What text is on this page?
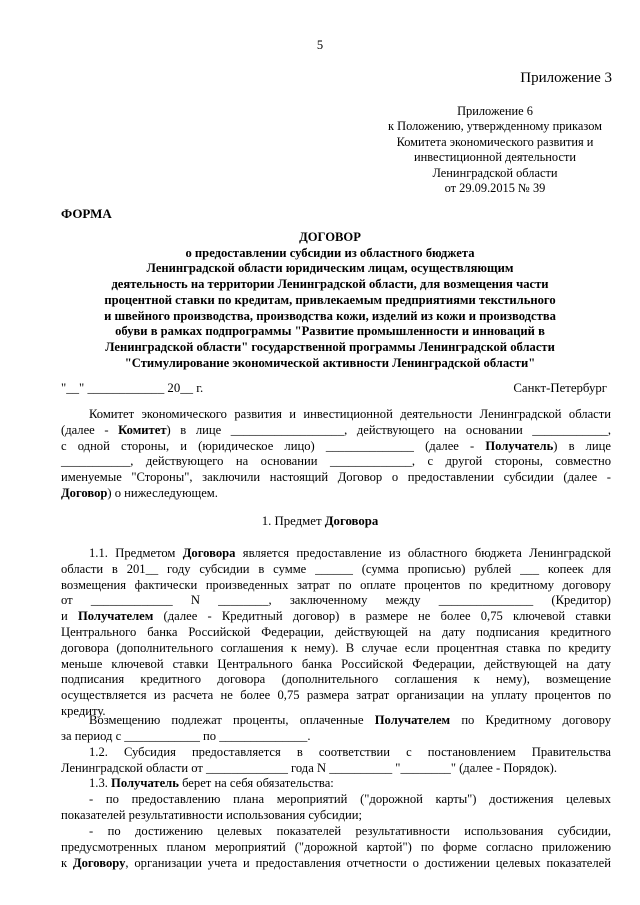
5
Приложение 3
Приложение 6
к Положению, утвержденному приказом
Комитета экономического развития и
инвестиционной деятельности
Ленинградской области
от 29.09.2015 № 39
ФОРМА
ДОГОВОР
о предоставлении субсидии из областного бюджета
Ленинградской области юридическим лицам, осуществляющим
деятельность на территории Ленинградской области, для возмещения части
процентной ставки по кредитам, привлекаемым предприятиями текстильного
и швейного производства, производства кожи, изделий из кожи и производства
обуви в рамках подпрограммы "Развитие промышленности и инноваций в
Ленинградской области" государственной программы Ленинградской области
"Стимулирование экономической активности Ленинградской области"
"__" ____________ 20__ г.	Санкт-Петербург
Комитет экономического развития и инвестиционной деятельности Ленинградской области
(далее - Комитет) в лице __________________, действующего на основании ____________,
с одной стороны, и (юридическое лицо) ______________ (далее - Получатель) в лице
___________, действующего на основании _____________, с другой стороны, совместно
именуемые "Стороны", заключили настоящий Договор о предоставлении субсидии (далее -
Договор) о нижеследующем.
1. Предмет Договора
1.1. Предметом Договора является предоставление из областного бюджета Ленинградской
области в 201__ году субсидии в сумме ______ (сумма прописью) рублей ___ копеек для
возмещения фактически произведенных затрат по оплате процентов по кредитному договору
от _____________ N ________, заключенному между _______________ (Кредитор)
и Получателем (далее - Кредитный договор) в размере не более 0,75 ключевой ставки
Центрального банка Российской Федерации, действующей на дату подписания кредитного
договора (дополнительного соглашения к нему). В случае если процентная ставка по кредиту
меньше ключевой ставки Центрального банка Российской Федерации, действующей на дату
подписания кредитного договора (дополнительного соглашения к нему), возмещение
осуществляется из расчета не более 0,75 размера затрат организации на уплату процентов по
кредиту.
Возмещению подлежат проценты, оплаченные Получателем по Кредитному договору
за период с ____________ по ______________.
1.2. Субсидия предоставляется в соответствии с постановлением Правительства
Ленинградской области от _____________ года N __________ "________" (далее - Порядок).
1.3. Получатель берет на себя обязательства:
- по предоставлению плана мероприятий ("дорожной карты") достижения целевых
показателей результативности использования субсидии;
- по достижению целевых показателей результативности использования субсидии,
предусмотренных планом мероприятий ("дорожной картой") по форме согласно приложению
к Договору, организации учета и предоставления отчетности о достижении целевых показателей
